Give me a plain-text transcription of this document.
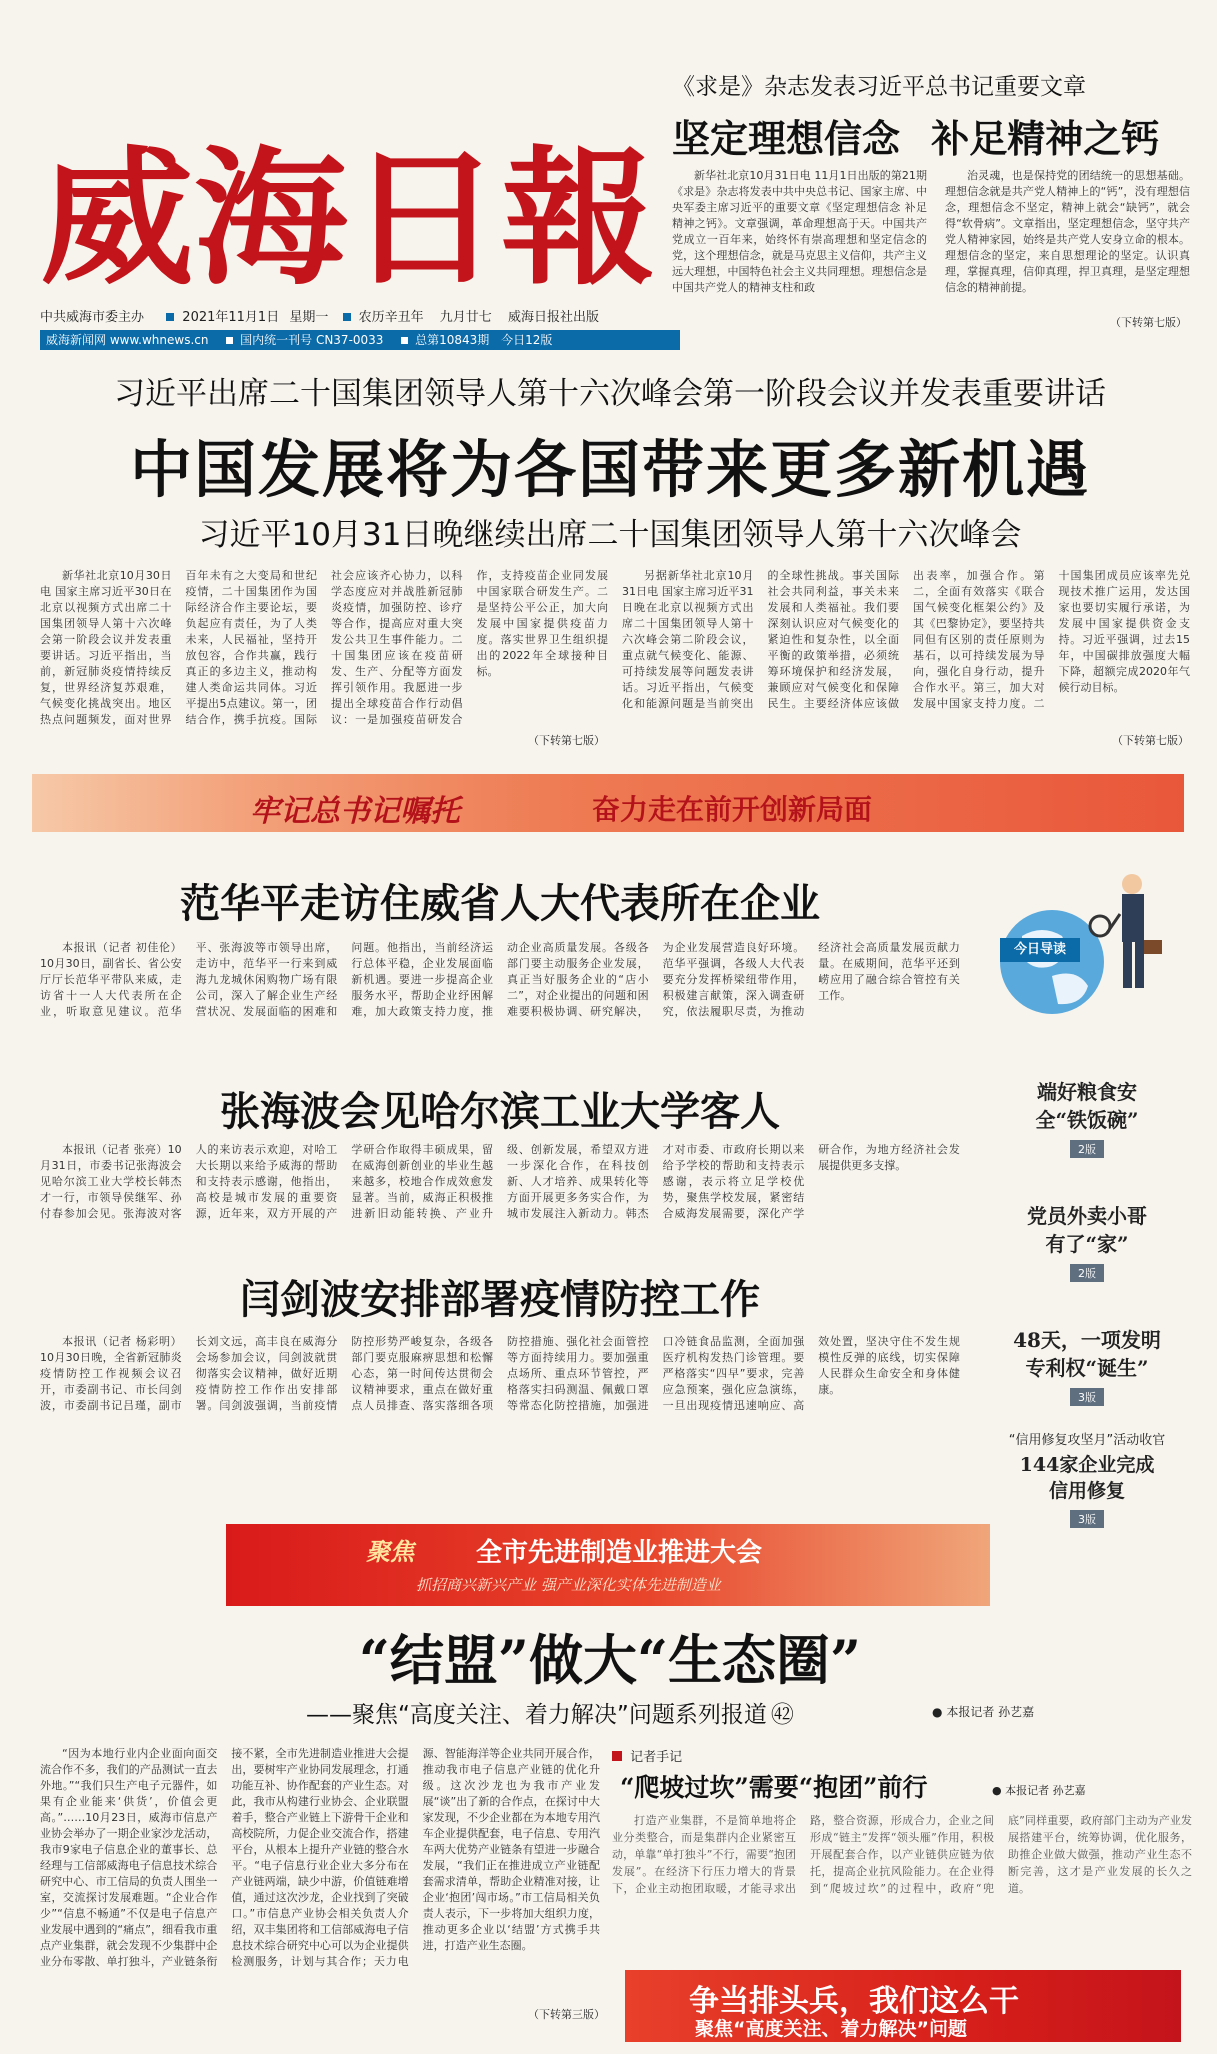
威海日報
中共威海市委主办	2021年11月1日 星期一 农历辛丑年 九月廿七 威海日报社出版
威海新闻网 www.whnews.cn	国内统一刊号 CN37-0033	总第10843期 今日12版
《求是》杂志发表习近平总书记重要文章
坚定理想信念 补足精神之钙

新华社北京10月31日电 11月1日出版的第21期《求是》杂志将发表中共中央总书记、国家主席、中央军委主席习近平的重要文章《坚定理想信念 补足精神之钙》。文章强调，革命理想高于天。中国共产党成立一百年来，始终怀有崇高理想和坚定信念的党，这个理想信念，就是马克思主义信仰，共产主义远大理想，中国特色社会主义共同理想。理想信念是中国共产党人的精神支柱和政

治灵魂，也是保持党的团结统一的思想基础。理想信念就是共产党人精神上的“钙”，没有理想信念，理想信念不坚定，精神上就会“缺钙”，就会得“软骨病”。文章指出，坚定理想信念，坚守共产党人精神家园，始终是共产党人安身立命的根本。理想信念的坚定，来自思想理论的坚定。认识真理，掌握真理，信仰真理，捍卫真理，是坚定理想信念的精神前提。

（下转第七版）
习近平出席二十国集团领导人第十六次峰会第一阶段会议并发表重要讲话
中国发展将为各国带来更多新机遇
习近平10月31日晚继续出席二十国集团领导人第十六次峰会

新华社北京10月30日电 国家主席习近平30日在北京以视频方式出席二十国集团领导人第十六次峰会第一阶段会议并发表重要讲话。习近平指出，当前，新冠肺炎疫情持续反复，世界经济复苏艰难，气候变化挑战突出。地区热点问题频发，面对世界百年未有之大变局和世纪疫情，二十国集团作为国际经济合作主要论坛，要负起应有责任，为了人类未来，人民福祉，坚持开放包容，合作共赢，践行真正的多边主义，推动构建人类命运共同体。习近平提出5点建议。第一，团结合作，携手抗疫。国际社会应该齐心协力，以科学态度应对并战胜新冠肺炎疫情，加强防控、诊疗等合作，提高应对重大突发公共卫生事件能力。二十国集团应该在疫苗研发、生产、分配等方面发挥引领作用。我愿进一步提出全球疫苗合作行动倡议：一是加强疫苗研发合作，支持疫苗企业同发展中国家联合研发生产。二是坚持公平公正，加大向发展中国家提供疫苗力度。落实世界卫生组织提出的2022年全球接种目标。

（下转第七版）

另据新华社北京10月31日电 国家主席习近平31日晚在北京以视频方式出席二十国集团领导人第十六次峰会第二阶段会议，重点就气候变化、能源、可持续发展等问题发表讲话。习近平指出，气候变化和能源问题是当前突出的全球性挑战。事关国际社会共同利益，事关未来发展和人类福祉。我们要深刻认识应对气候变化的紧迫性和复杂性，以全面平衡的政策举措，必须统筹环境保护和经济发展，兼顾应对气候变化和保障民生。主要经济体应该做出表率，加强合作。第二，全面有效落实《联合国气候变化框架公约》及其《巴黎协定》，要坚持共同但有区别的责任原则为基石，以可持续发展为导向，强化自身行动，提升合作水平。第三，加大对发展中国家支持力度。二十国集团成员应该率先兑现技术推广运用，发达国家也要切实履行承诺，为发展中国家提供资金支持。习近平强调，过去15年，中国碳排放强度大幅下降，超额完成2020年气候行动目标。

（下转第七版）
牢记总书记嘱托	奋力走在前开创新局面
范华平走访住威省人大代表所在企业

本报讯（记者 初佳伦）10月30日，副省长、省公安厅厅长范华平带队来威，走访省十一人大代表所在企业，听取意见建议。范华平、张海波等市领导出席，走访中，范华平一行来到威海九龙城休闲购物广场有限公司，深入了解企业生产经营状况、发展面临的困难和问题。他指出，当前经济运行总体平稳，企业发展面临新机遇。要进一步提高企业服务水平，帮助企业纾困解难，加大政策支持力度，推动企业高质量发展。各级各部门要主动服务企业发展，真正当好服务企业的“店小二”，对企业提出的问题和困难要积极协调、研究解决，为企业发展营造良好环境。范华平强调，各级人大代表要充分发挥桥梁纽带作用，积极建言献策，深入调查研究，依法履职尽责，为推动经济社会高质量发展贡献力量。在威期间，范华平还到崂应用了融合综合管控有关工作。

张海波会见哈尔滨工业大学客人

本报讯（记者 张亮）10月31日，市委书记张海波会见哈尔滨工业大学校长韩杰才一行，市领导侯继军、孙付春参加会见。张海波对客人的来访表示欢迎，对哈工大长期以来给予威海的帮助和支持表示感谢，他指出，高校是城市发展的重要资源，近年来，双方开展的产学研合作取得丰硕成果，留在威海创新创业的毕业生越来越多，校地合作成效愈发显著。当前，威海正积极推进新旧动能转换、产业升级、创新发展，希望双方进一步深化合作，在科技创新、人才培养、成果转化等方面开展更多务实合作，为城市发展注入新动力。韩杰才对市委、市政府长期以来给予学校的帮助和支持表示感谢，表示将立足学校优势，聚焦学校发展，紧密结合威海发展需要，深化产学研合作，为地方经济社会发展提供更多支撑。

闫剑波安排部署疫情防控工作

本报讯（记者 杨彩明）10月30日晚，全省新冠肺炎疫情防控工作视频会议召开，市委副书记、市长闫剑波，市委副书记吕瑾，副市长刘文远，高丰良在威海分会场参加会议，闫剑波就贯彻落实会议精神，做好近期疫情防控工作作出安排部署。闫剑波强调，当前疫情防控形势严峻复杂，各级各部门要克服麻痹思想和松懈心态，第一时间传达贯彻会议精神要求，重点在做好重点人员排查、落实落细各项防控措施、强化社会面管控等方面持续用力。要加强重点场所、重点环节管控，严格落实扫码测温、佩戴口罩等常态化防控措施，加强进口冷链食品监测，全面加强医疗机构发热门诊管理。要严格落实“四早”要求，完善应急预案，强化应急演练，一旦出现疫情迅速响应、高效处置，坚决守住不发生规模性反弹的底线，切实保障人民群众生命安全和身体健康。

今日导读
端好粮食安全“铁饭碗”
2版
党员外卖小哥有了“家”
2版
48天，一项发明专利权“诞生”
3版
“信用修复攻坚月”活动收官
144家企业完成信用修复
3版
聚焦 全市先进制造业推进大会
抓招商兴新兴产业 强产业深化实体先进制造业
“结盟”做大“生态圈”
——聚焦“高度关注、着力解决”问题系列报道 ㊷	● 本报记者 孙艺嘉

“因为本地行业内企业面向面交流合作不多，我们的产品测试一直去外地。”“我们只生产电子元器件，如果有企业能来‘供货’，价值会更高。”……10月23日，威海市信息产业协会举办了一期企业家沙龙活动，我市9家电子信息企业的董事长、总经理与工信部威海电子信息技术综合研究中心、市工信局的负责人围坐一室，交流探讨发展难题。“企业合作少”“信息不畅通”不仅是电子信息产业发展中遇到的“痛点”，细看我市重点产业集群，就会发现不少集群中企业分布零散、单打独斗，产业链条衔接不紧，全市先进制造业推进大会提出，要树牢产业协同发展理念，打通功能互补、协作配套的产业生态。对此，我市从构建行业协会、企业联盟着手，整合产业链上下游骨干企业和高校院所，力促企业交流合作，搭建平台，从根本上提升产业链的整合水平。“电子信息行业企业大多分布在产业链两端，缺少中游，价值链难增值，通过这次沙龙，企业找到了突破口。”市信息产业协会相关负责人介绍，双丰集团将和工信部威海电子信息技术综合研究中心可以为企业提供检测服务，计划与其合作；天力电源、智能海洋等企业共同开展合作，推动我市电子信息产业链的优化升级。这次沙龙也为我市产业发展“谈”出了新的合作点，在探讨中大家发现，不少企业都在为本地专用汽车企业提供配套，电子信息、专用汽车两大优势产业链条有望进一步融合发展，“我们正在推进成立产业链配套需求清单，帮助企业精准对接，让企业‘抱团’闯市场。”市工信局相关负责人表示，下一步将加大组织力度，推动更多企业以‘结盟’方式携手共进，打造产业生态圈。

（下转第三版）
记者手记
“爬坡过坎”需要“抱团”前行	● 本报记者 孙艺嘉

打造产业集群，不是简单地将企业分类整合，而是集群内企业紧密互动，单靠“单打独斗”不行，需要“抱团发展”。在经济下行压力增大的背景下，企业主动抱团取暖，才能寻求出路，整合资源，形成合力，企业之间形成“链主”发挥“领头雁”作用，积极开展配套合作，以产业链供应链为依托，提高企业抗风险能力。在企业得到“爬坡过坎”的过程中，政府“兜底”同样重要，政府部门主动为产业发展搭建平台，统筹协调，优化服务，助推企业做大做强，推动产业生态不断完善，这才是产业发展的长久之道。

争当排头兵，我们这么干
聚焦“高度关注、着力解决”问题
